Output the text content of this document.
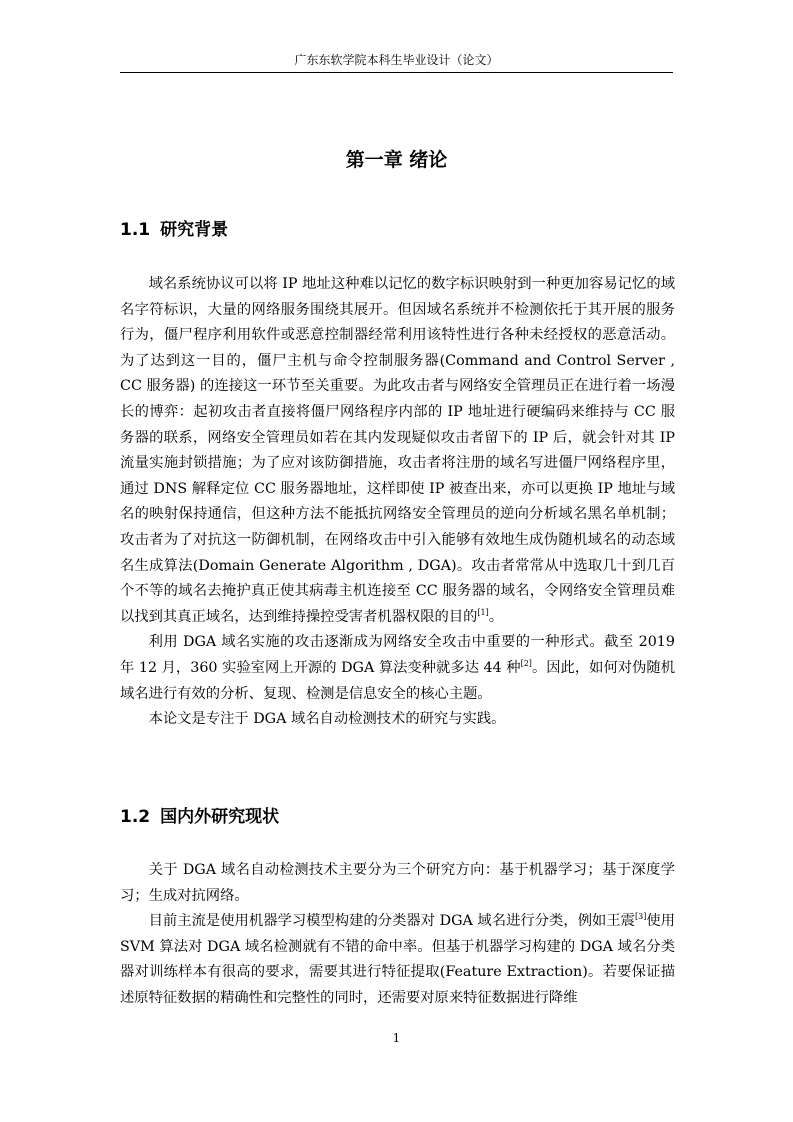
广东东软学院本科生毕业设计（论文）
第一章 绪论
1.1 研究背景

域名系统协议可以将 IP 地址这种难以记忆的数字标识映射到一种更加容易记忆的域名字符标识，大量的网络服务围绕其展开。但因域名系统并不检测依托于其开展的服务行为，僵尸程序利用软件或恶意控制器经常利用该特性进行各种未经授权的恶意活动。为了达到这一目的，僵尸主机与命令控制服务器(Command and Control Server , CC 服务器) 的连接这一环节至关重要。为此攻击者与网络安全管理员正在进行着一场漫长的博弈：起初攻击者直接将僵尸网络程序内部的 IP 地址进行硬编码来维持与 CC 服务器的联系，网络安全管理员如若在其内发现疑似攻击者留下的 IP 后，就会针对其 IP 流量实施封锁措施；为了应对该防御措施，攻击者将注册的域名写进僵尸网络程序里，通过 DNS 解释定位 CC 服务器地址，这样即使 IP 被查出来，亦可以更换 IP 地址与域名的映射保持通信，但这种方法不能抵抗网络安全管理员的逆向分析域名黑名单机制；攻击者为了对抗这一防御机制，在网络攻击中引入能够有效地生成伪随机域名的动态域名生成算法(Domain Generate Algorithm , DGA)。攻击者常常从中选取几十到几百个不等的域名去掩护真正使其病毒主机连接至 CC 服务器的域名，令网络安全管理员难以找到其真正域名，达到维持操控受害者机器权限的目的[1]。

利用 DGA 域名实施的攻击逐渐成为网络安全攻击中重要的一种形式。截至 2019 年 12 月，360 实验室网上开源的 DGA 算法变种就多达 44 种[2]。因此，如何对伪随机域名进行有效的分析、复现、检测是信息安全的核心主题。

本论文是专注于 DGA 域名自动检测技术的研究与实践。

1.2 国内外研究现状

关于 DGA 域名自动检测技术主要分为三个研究方向：基于机器学习；基于深度学习；生成对抗网络。

目前主流是使用机器学习模型构建的分类器对 DGA 域名进行分类，例如王震[3]使用 SVM 算法对 DGA 域名检测就有不错的命中率。但基于机器学习构建的 DGA 域名分类器对训练样本有很高的要求，需要其进行特征提取(Feature Extraction)。若要保证描述原特征数据的精确性和完整性的同时，还需要对原来特征数据进行降维

1
